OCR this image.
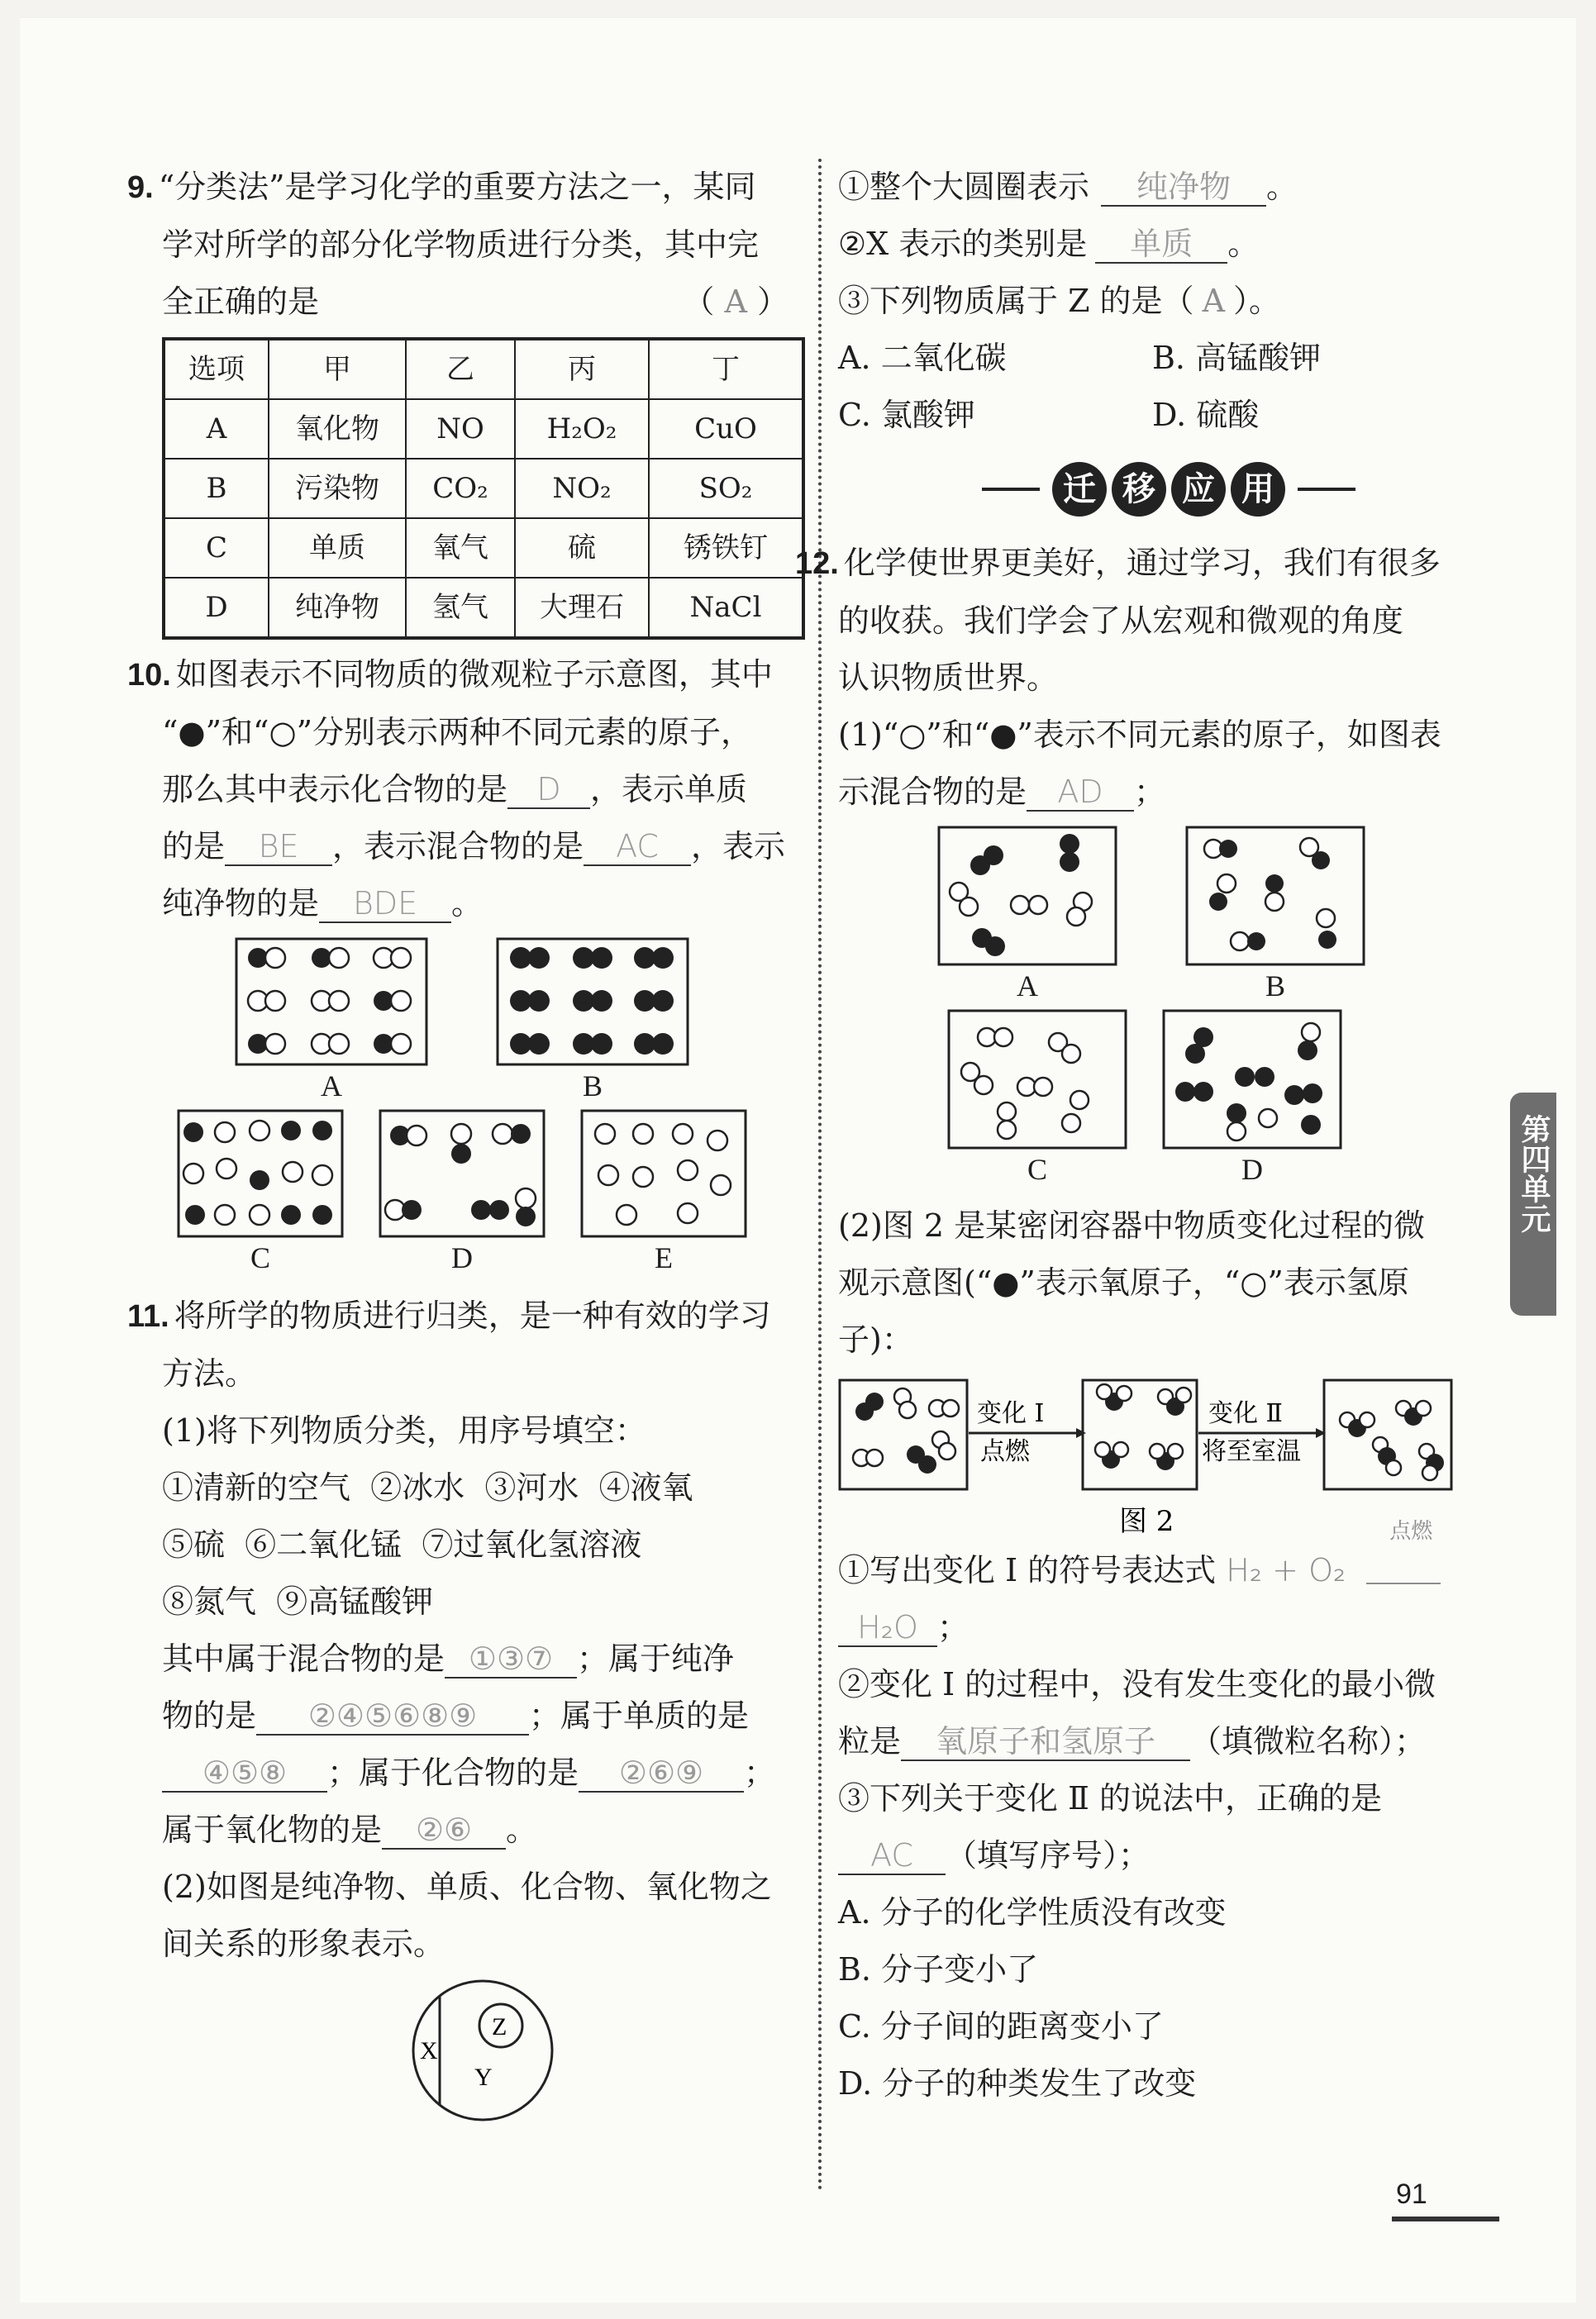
9. “分类法”是学习化学的重要方法之一，某同
学对所学的部分化学物质进行分类，其中完
全正确的是	（ A ）
选项	甲	乙	丙	丁
A	氧化物	NO	H₂O₂	CuO
B	污染物	CO₂	NO₂	SO₂
C	单质	氧气	硫	锈铁钉
D	纯净物	氢气	大理石	NaCl
10. 如图表示不同物质的微观粒子示意图，其中
“●”和“○”分别表示两种不同元素的原子，
那么其中表示化合物的是 D ，表示单质
的是 BE ，表示混合物的是 AC ，表示
纯净物的是 BDE 。
A	B
C	D	E
11. 将所学的物质进行归类，是一种有效的学习
方法。
(1)将下列物质分类，用序号填空：
①清新的空气  ②冰水  ③河水  ④液氧
⑤硫  ⑥二氧化锰  ⑦过氧化氢溶液
⑧氮气  ⑨高锰酸钾
其中属于混合物的是 ①③⑦ ；属于纯净
物的是 ②④⑤⑥⑧⑨ ；属于单质的是
④⑤⑧ ；属于化合物的是 ②⑥⑨ ；
属于氧化物的是 ②⑥ 。
(2)如图是纯净物、单质、化合物、氧化物之
间关系的形象表示。
X
Z
Y
①整个大圆圈表示 纯净物 。
②X 表示的类别是 单质 。
③下列物质属于 Z 的是（ A ）。
A. 二氧化碳	B. 高锰酸钾
C. 氯酸钾	D. 硫酸
迁 移 应 用
12. 化学使世界更美好，通过学习，我们有很多
的收获。我们学会了从宏观和微观的角度
认识物质世界。
(1)“○”和“●”表示不同元素的原子，如图表
示混合物的是 AD ；
A	B
C	D
(2)图 2 是某密闭容器中物质变化过程的微
观示意图(“●”表示氧原子，“○”表示氢原
子)：
变化 Ⅰ
点燃
变化 Ⅱ
将至室温
图 2
①写出变化 Ⅰ 的符号表达式 H₂ + O₂
点燃
H₂O ；
②变化 Ⅰ 的过程中，没有发生变化的最小微
粒是 氧原子和氢原子 （填微粒名称）；
③下列关于变化 Ⅱ 的说法中，正确的是
AC （填写序号）；
A. 分子的化学性质没有改变
B. 分子变小了
C. 分子间的距离变小了
D. 分子的种类发生了改变
第四单元
91
